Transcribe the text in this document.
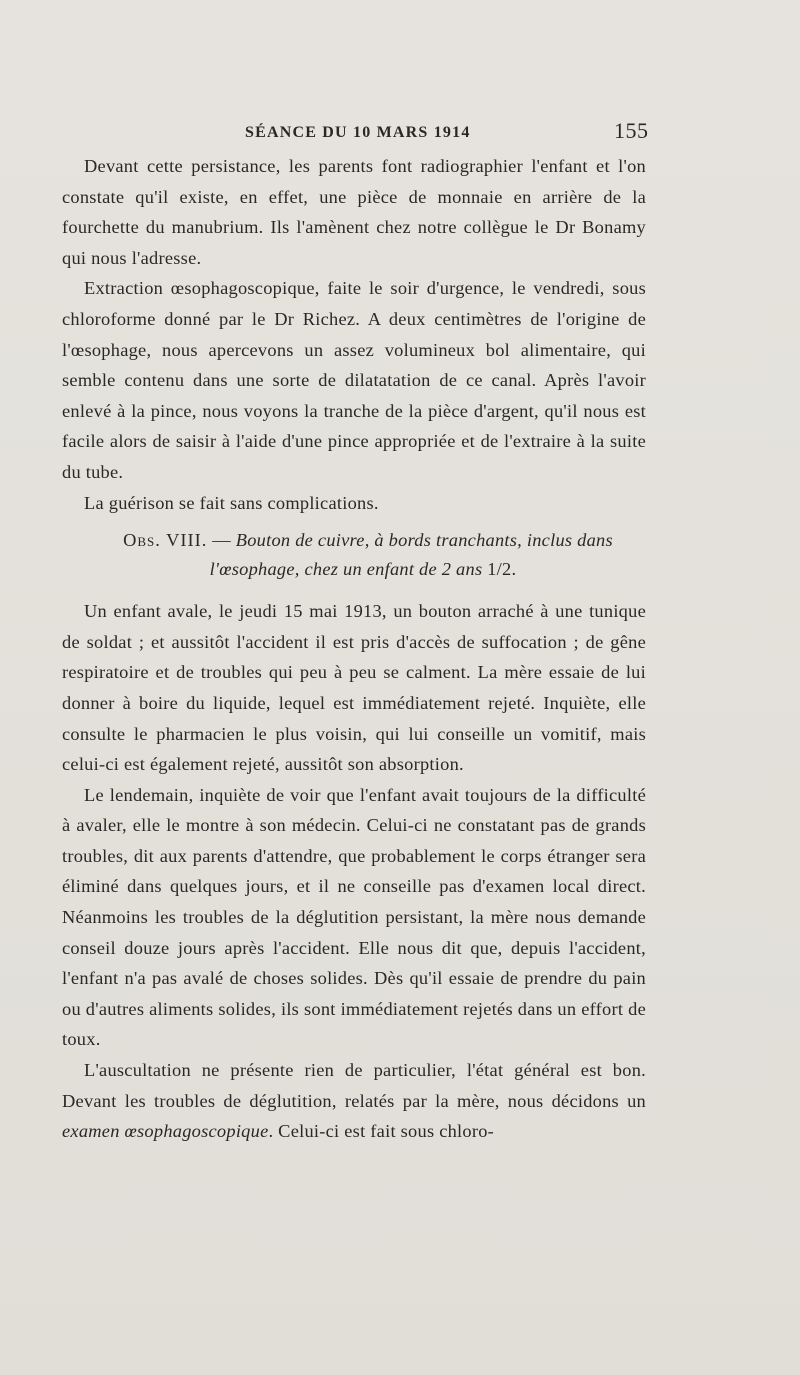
SÉANCE DU 10 MARS 1914	155

Devant cette persistance, les parents font radiographier l'enfant et l'on constate qu'il existe, en effet, une pièce de monnaie en arrière de la fourchette du manubrium. Ils l'amènent chez notre collègue le Dr Bonamy qui nous l'adresse.

Extraction œsophagoscopique, faite le soir d'urgence, le vendredi, sous chloroforme donné par le Dr Richez. A deux centimètres de l'origine de l'œsophage, nous apercevons un assez volumineux bol alimentaire, qui semble contenu dans une sorte de dilatatation de ce canal. Après l'avoir enlevé à la pince, nous voyons la tranche de la pièce d'argent, qu'il nous est facile alors de saisir à l'aide d'une pince appropriée et de l'extraire à la suite du tube.

La guérison se fait sans complications.

Obs. VIII. — Bouton de cuivre, à bords tranchants, inclus dans
l'œsophage, chez un enfant de 2 ans 1/2.

Un enfant avale, le jeudi 15 mai 1913, un bouton arraché à une tunique de soldat ; et aussitôt l'accident il est pris d'accès de suffocation ; de gêne respiratoire et de troubles qui peu à peu se calment. La mère essaie de lui donner à boire du liquide, lequel est immédiatement rejeté. Inquiète, elle consulte le pharmacien le plus voisin, qui lui conseille un vomitif, mais celui-ci est également rejeté, aussitôt son absorption.

Le lendemain, inquiète de voir que l'enfant avait toujours de la difficulté à avaler, elle le montre à son médecin. Celui-ci ne constatant pas de grands troubles, dit aux parents d'attendre, que probablement le corps étranger sera éliminé dans quelques jours, et il ne conseille pas d'examen local direct. Néanmoins les troubles de la déglutition persistant, la mère nous demande conseil douze jours après l'accident. Elle nous dit que, depuis l'accident, l'enfant n'a pas avalé de choses solides. Dès qu'il essaie de prendre du pain ou d'autres aliments solides, ils sont immédiatement rejetés dans un effort de toux.

L'auscultation ne présente rien de particulier, l'état général est bon. Devant les troubles de déglutition, relatés par la mère, nous décidons un examen œsophagoscopique. Celui-ci est fait sous chloro-
